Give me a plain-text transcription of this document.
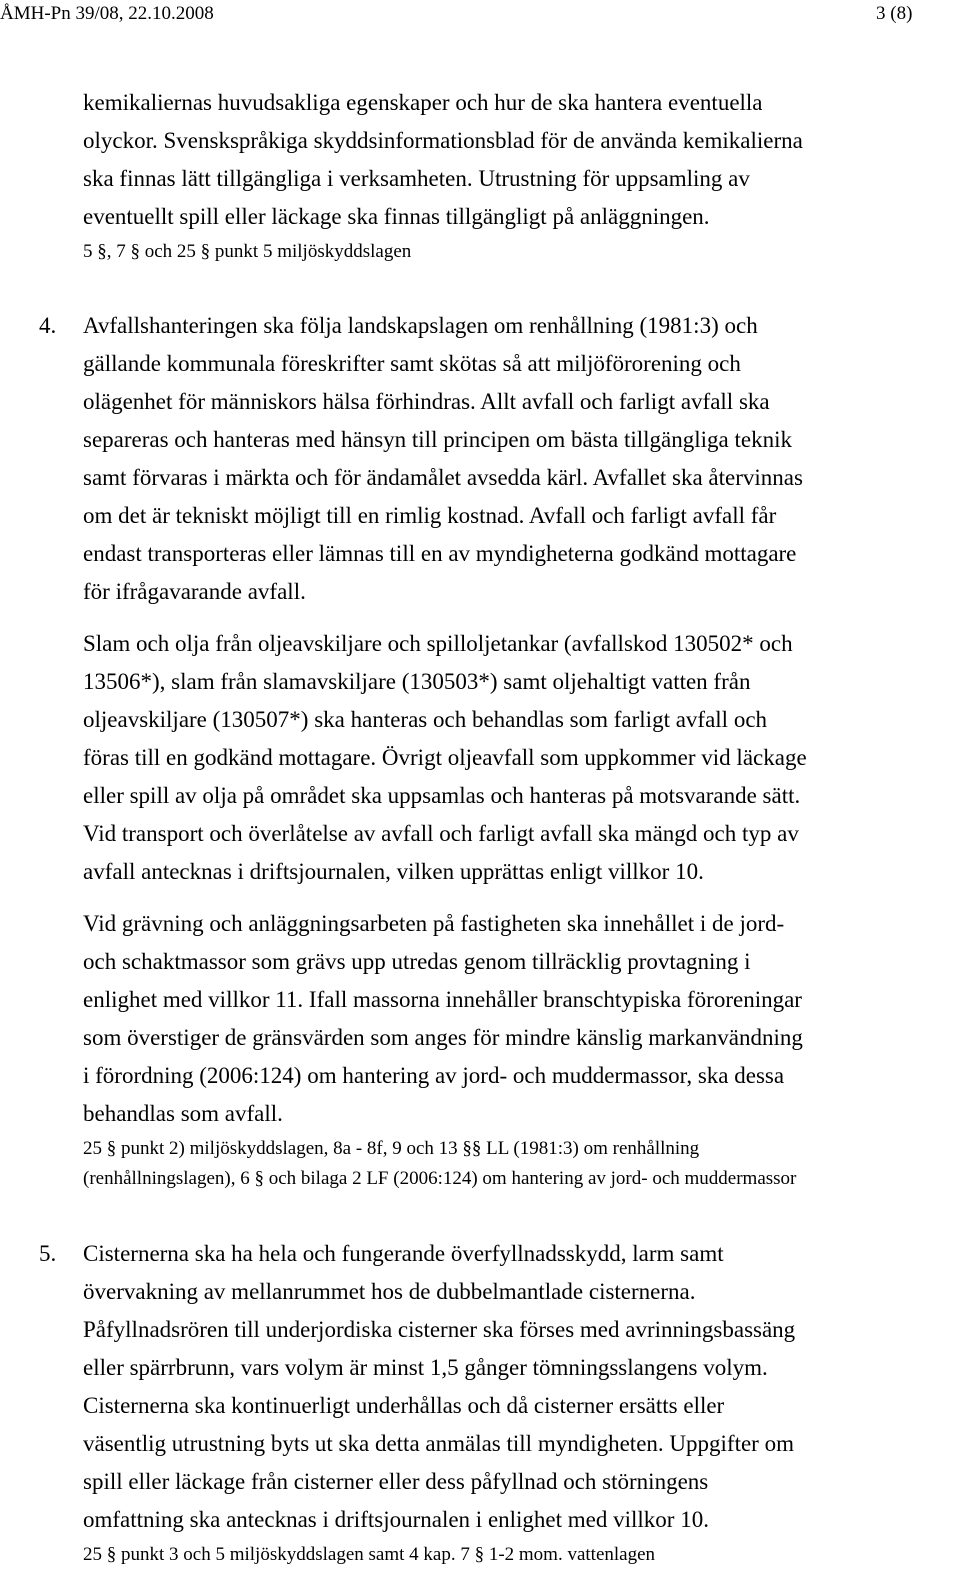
ÅMH-Pn 39/08, 22.10.2008	3 (8)
kemikaliernas huvudsakliga egenskaper och hur de ska hantera eventuella
olyckor. Svenskspråkiga skyddsinformationsblad för de använda kemikalierna
ska finnas lätt tillgängliga i verksamheten. Utrustning för uppsamling av
eventuellt spill eller läckage ska finnas tillgängligt på anläggningen.
5 §, 7 § och 25 § punkt 5 miljöskyddslagen
4. Avfallshanteringen ska följa landskapslagen om renhållning (1981:3) och
gällande kommunala föreskrifter samt skötas så att miljöförorening och
olägenhet för människors hälsa förhindras. Allt avfall och farligt avfall ska
separeras och hanteras med hänsyn till principen om bästa tillgängliga teknik
samt förvaras i märkta och för ändamålet avsedda kärl. Avfallet ska återvinnas
om det är tekniskt möjligt till en rimlig kostnad. Avfall och farligt avfall får
endast transporteras eller lämnas till en av myndigheterna godkänd mottagare
för ifrågavarande avfall.
Slam och olja från oljeavskiljare och spilloljetankar (avfallskod 130502* och
13506*), slam från slamavskiljare (130503*) samt oljehaltigt vatten från
oljeavskiljare (130507*) ska hanteras och behandlas som farligt avfall och
föras till en godkänd mottagare. Övrigt oljeavfall som uppkommer vid läckage
eller spill av olja på området ska uppsamlas och hanteras på motsvarande sätt.
Vid transport och överlåtelse av avfall och farligt avfall ska mängd och typ av
avfall antecknas i driftsjournalen, vilken upprättas enligt villkor 10.
Vid grävning och anläggningsarbeten på fastigheten ska innehållet i de jord-
och schaktmassor som grävs upp utredas genom tillräcklig provtagning i
enlighet med villkor 11. Ifall massorna innehåller branschtypiska föroreningar
som överstiger de gränsvärden som anges för mindre känslig markanvändning
i förordning (2006:124) om hantering av jord- och muddermassor, ska dessa
behandlas som avfall.
25 § punkt 2) miljöskyddslagen, 8a - 8f, 9 och 13 §§ LL (1981:3) om renhållning
(renhållningslagen), 6 § och bilaga 2 LF (2006:124) om hantering av jord- och muddermassor
5. Cisternerna ska ha hela och fungerande överfyllnadsskydd, larm samt
övervakning av mellanrummet hos de dubbelmantlade cisternerna.
Påfyllnadsrören till underjordiska cisterner ska förses med avrinningsbassäng
eller spärrbrunn, vars volym är minst 1,5 gånger tömningsslangens volym.
Cisternerna ska kontinuerligt underhållas och då cisterner ersätts eller
väsentlig utrustning byts ut ska detta anmälas till myndigheten. Uppgifter om
spill eller läckage från cisterner eller dess påfyllnad och störningens
omfattning ska antecknas i driftsjournalen i enlighet med villkor 10.
25 § punkt 3 och 5 miljöskyddslagen samt 4 kap. 7 § 1-2 mom. vattenlagen
